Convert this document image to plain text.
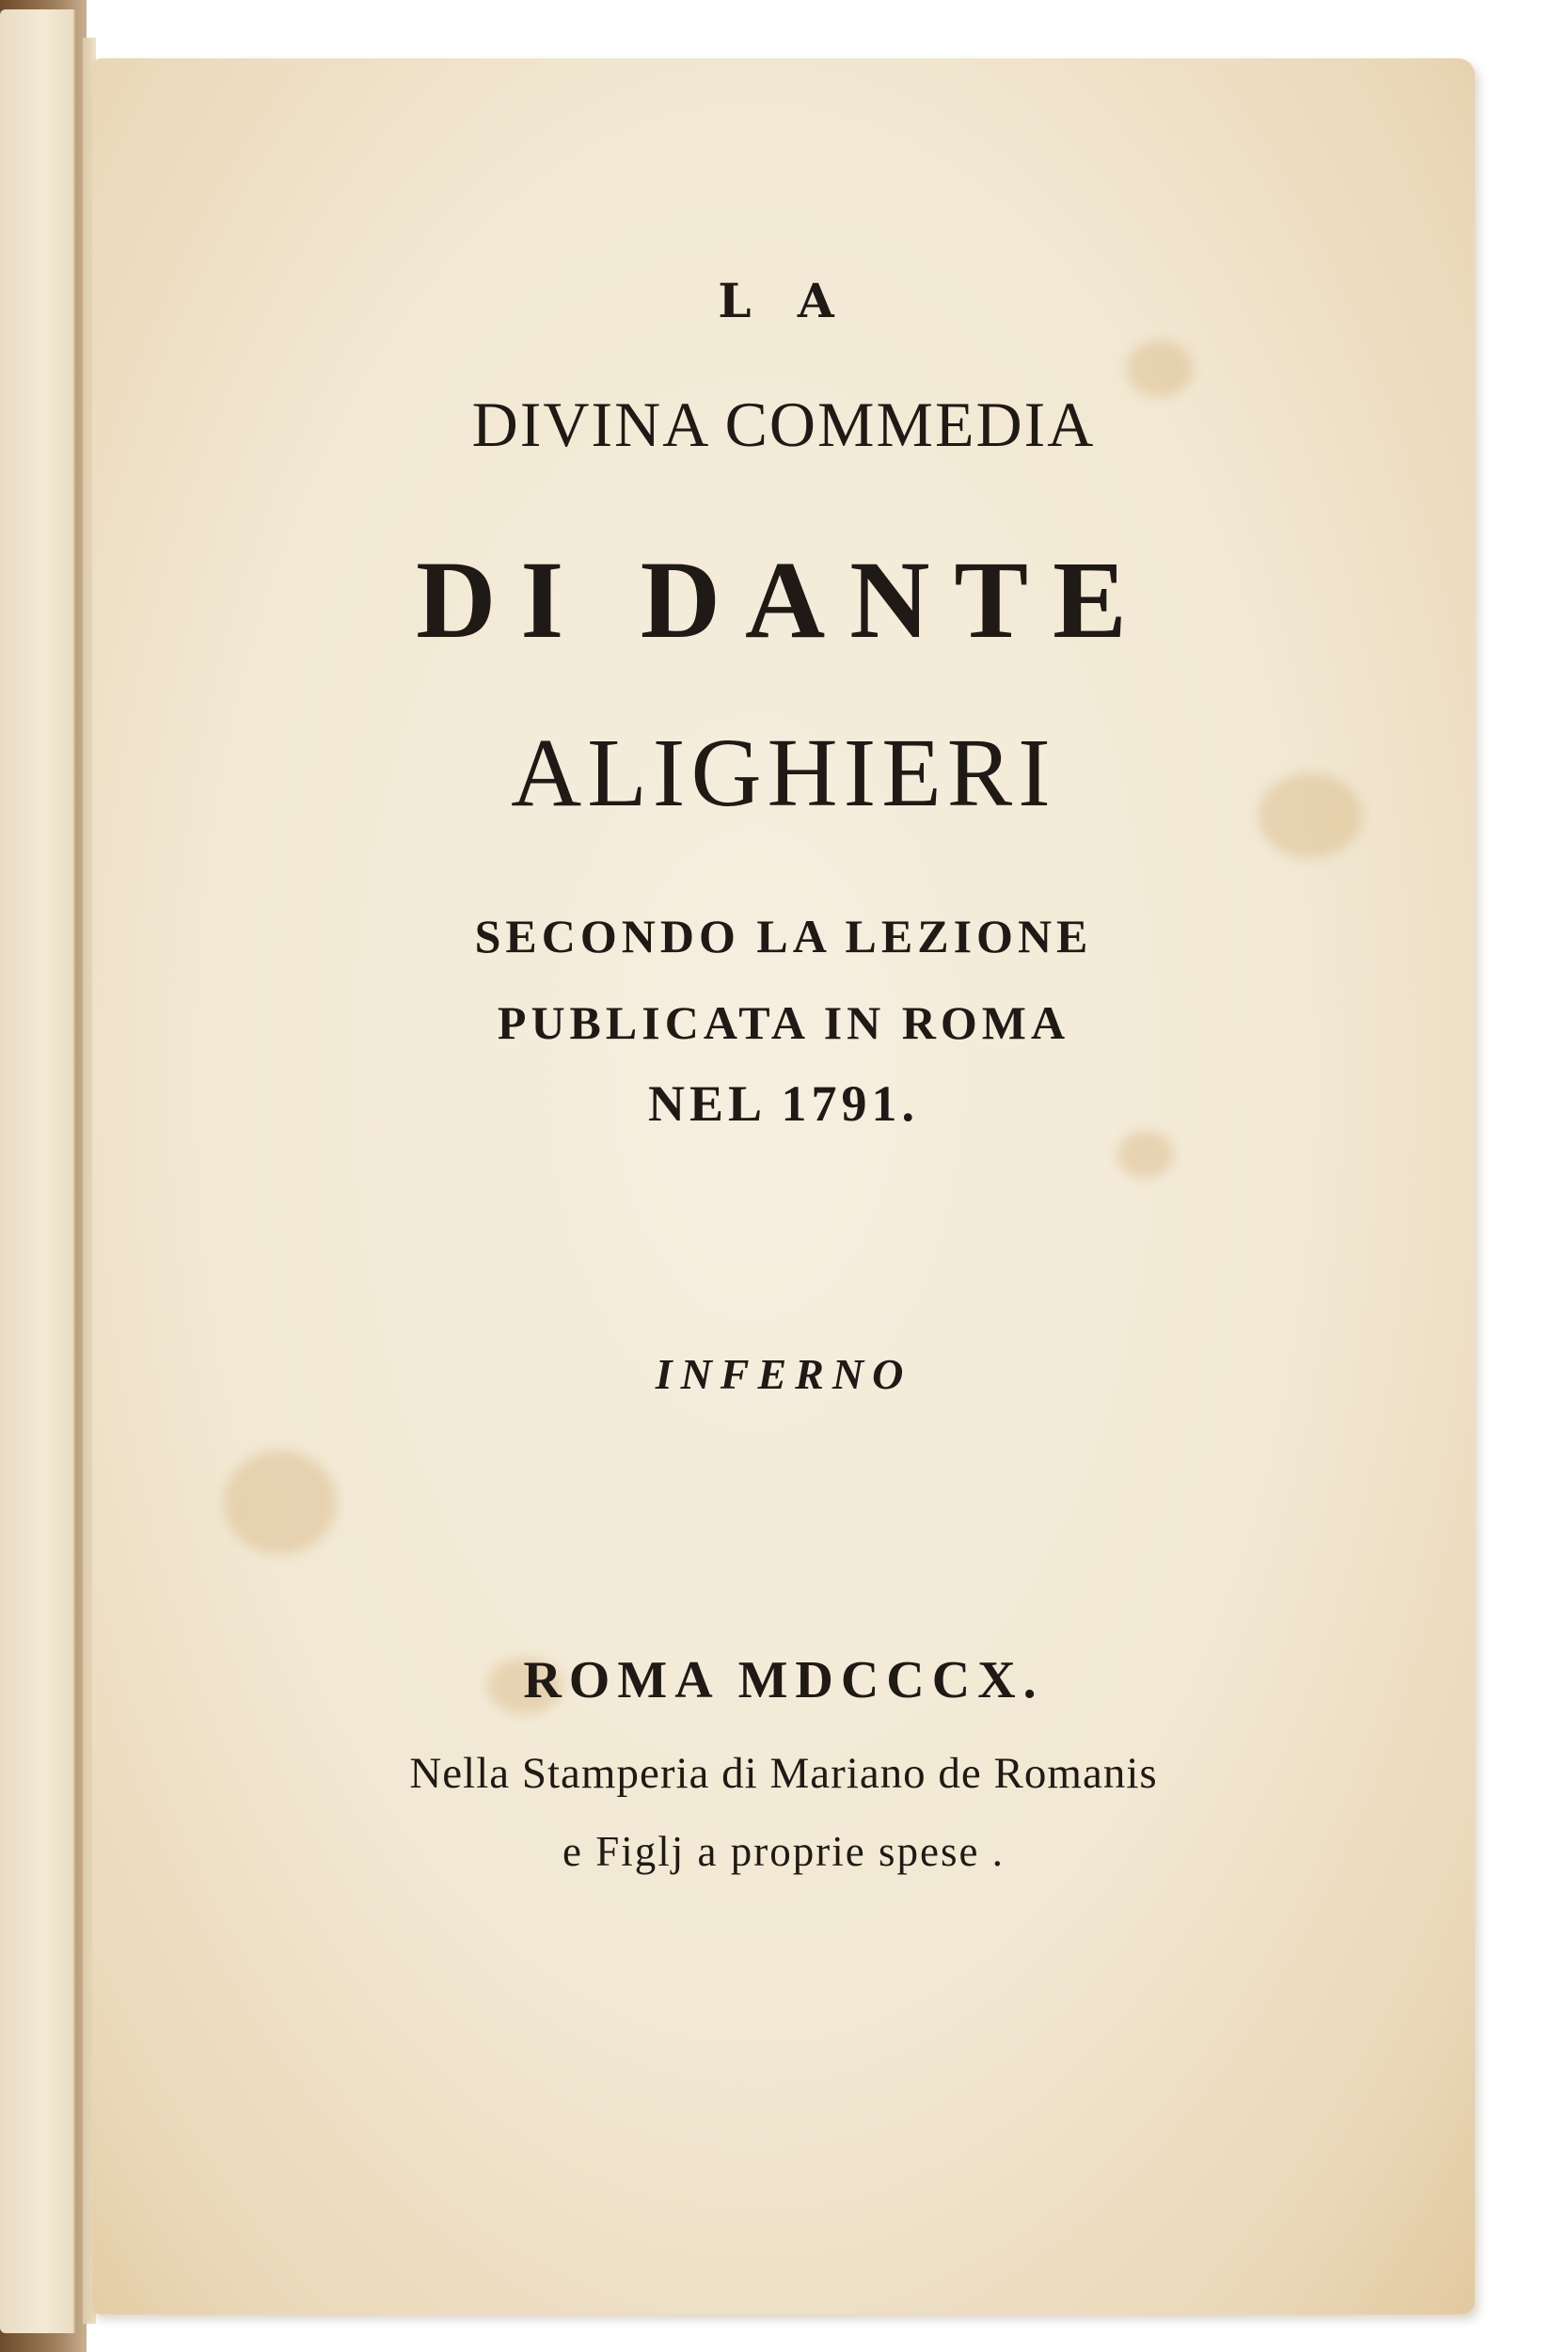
L A
DIVINA COMMEDIA
DI DANTE
ALIGHIERI
SECONDO LA LEZIONE
PUBLICATA IN ROMA
NEL 1791.
INFERNO
ROMA MDCCCX.
Nella Stamperia di Mariano de Romanis
e Figlj a proprie spese .
